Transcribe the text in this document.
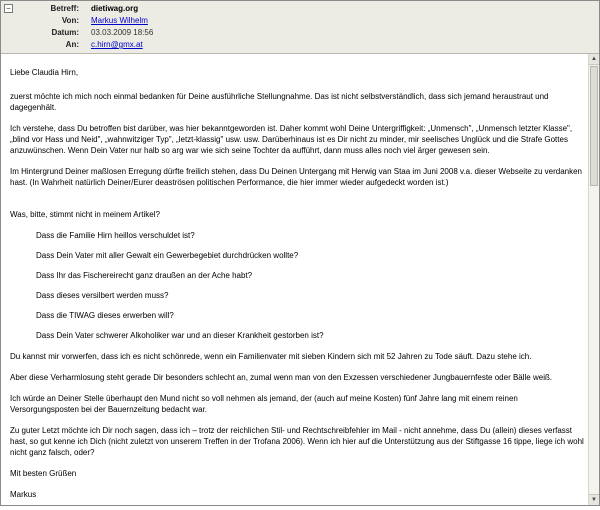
−	Betreff: dietiwag.org
Von: Markus Wilhelm
Datum: 03.03.2009 18:56
An: c.hirn@gmx.at

Liebe Claudia Hirn,

zuerst möchte ich mich noch einmal bedanken für Deine ausführliche Stellungnahme. Das ist nicht selbstverständlich, dass sich jemand heraustraut und dagegenhält.

Ich verstehe, dass Du betroffen bist darüber, was hier bekanntgeworden ist. Daher kommt wohl Deine Untergriffigkeit: „Unmensch", „Unmensch letzter Klasse", „blind vor Hass und Neid", „wahnwitziger Typ", „letzt-klassig" usw. usw. Darüberhinaus ist es Dir nicht zu minder, mir seelisches Unglück und die Strafe Gottes anzuwünschen. Wenn Dein Vater nur halb so arg war wie sich seine Tochter da aufführt, dann muss alles noch viel ärger gewesen sein.

Im Hintergrund Deiner maßlosen Erregung dürfte freilich stehen, dass Du Deinen Untergang mit Herwig van Staa im Juni 2008 v.a. dieser Webseite zu verdanken hast. (In Wahrheit natürlich Deiner/Eurer deaströsen politischen Performance, die hier immer wieder aufgedeckt worden ist.)

Was, bitte, stimmt nicht in meinem Artikel?

Dass die Familie Hirn heillos verschuldet ist?
Dass Dein Vater mit aller Gewalt ein Gewerbegebiet durchdrücken wollte?
Dass Ihr das Fischereirecht ganz draußen an der Ache habt?
Dass dieses versilbert werden muss?
Dass die TIWAG dieses erwerben will?
Dass Dein Vater schwerer Alkoholiker war und an dieser Krankheit gestorben ist?

Du kannst mir vorwerfen, dass ich es nicht schönrede, wenn ein Familienvater mit sieben Kindern sich mit 52 Jahren zu Tode säuft. Dazu stehe ich.

Aber diese Verharmlosung steht gerade Dir besonders schlecht an, zumal wenn man von den Exzessen verschiedener Jungbauernfeste oder Bälle weiß.

Ich würde an Deiner Stelle überhaupt den Mund nicht so voll nehmen als jemand, der (auch auf meine Kosten) fünf Jahre lang mit einem reinen Versorgungsposten bei der Bauernzeitung bedacht war.

Zu guter Letzt möchte ich Dir noch sagen, dass ich – trotz der reichlichen Stil- und Rechtschreibfehler im Mail - nicht annehme, dass Du (allein) dieses verfasst hast, so gut kenne ich Dich (nicht zuletzt von unserem Treffen in der Trofana 2006). Wenn ich hier auf die Unterstützung aus der Stiftgasse 16 tippe, liege ich wohl nicht ganz falsch, oder?

Mit besten Grüßen

Markus

▲
▼
